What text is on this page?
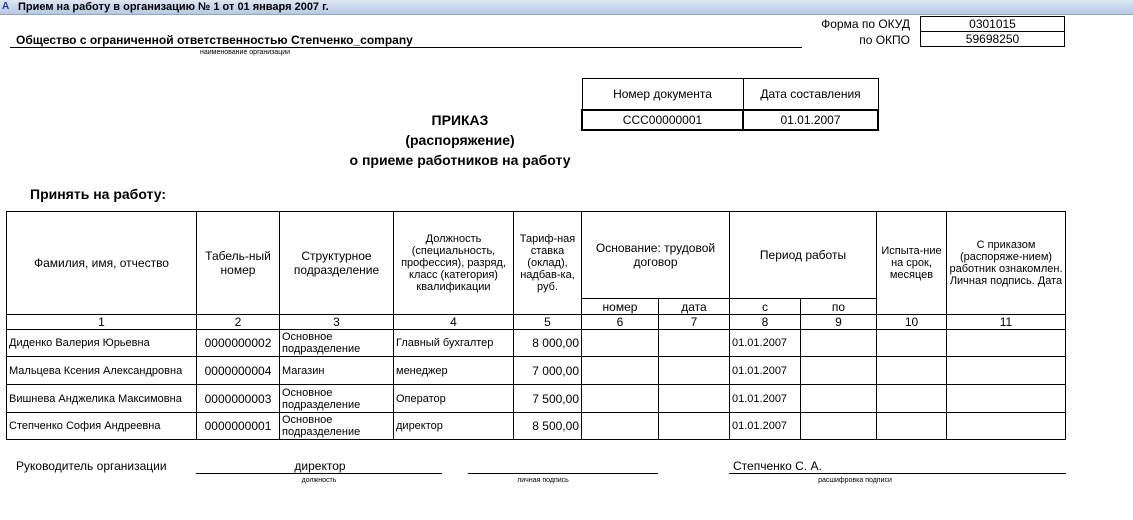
A Прием на работу в организацию № 1 от 01 января 2007 г.
Общество с ограниченной ответственностью Степченко_company
наименование организации
Форма по ОКУД
по ОКПО
0301015
59698250
Номер документа	Дата составления
CCC00000001	01.01.2007
ПРИКАЗ
(распоряжение)
о приеме работников на работу
Принять на работу:
Фамилия, имя, отчество	Табель-ный номер	Структурное подразделение	Должность (специальность, профессия), разряд, класс (категория) квалификации	Тариф-ная ставка (оклад), надбав-ка, руб.	Основание: трудовой договор		Период работы		Испыта-ние на срок, месяцев	С приказом (распоряже-нием) работник ознакомлен. Личная подпись. Дата
					номер	дата	с	по		
1	2	3	4	5	6	7	8	9	10	11
Диденко Валерия Юрьевна	0000000002	Основное подразделение	Главный бухгалтер	8 000,00			01.01.2007			
Мальцева Ксения Александровна	0000000004	Магазин	менеджер	7 000,00			01.01.2007			
Вишнева Анджелика Максимовна	0000000003	Основное подразделение	Оператор	7 500,00			01.01.2007			
Степченко София Андреевна	0000000001	Основное подразделение	директор	8 500,00			01.01.2007			
Руководитель организации	директор
должность	личная подпись
Степченко С. А.
расшифровка подписи
